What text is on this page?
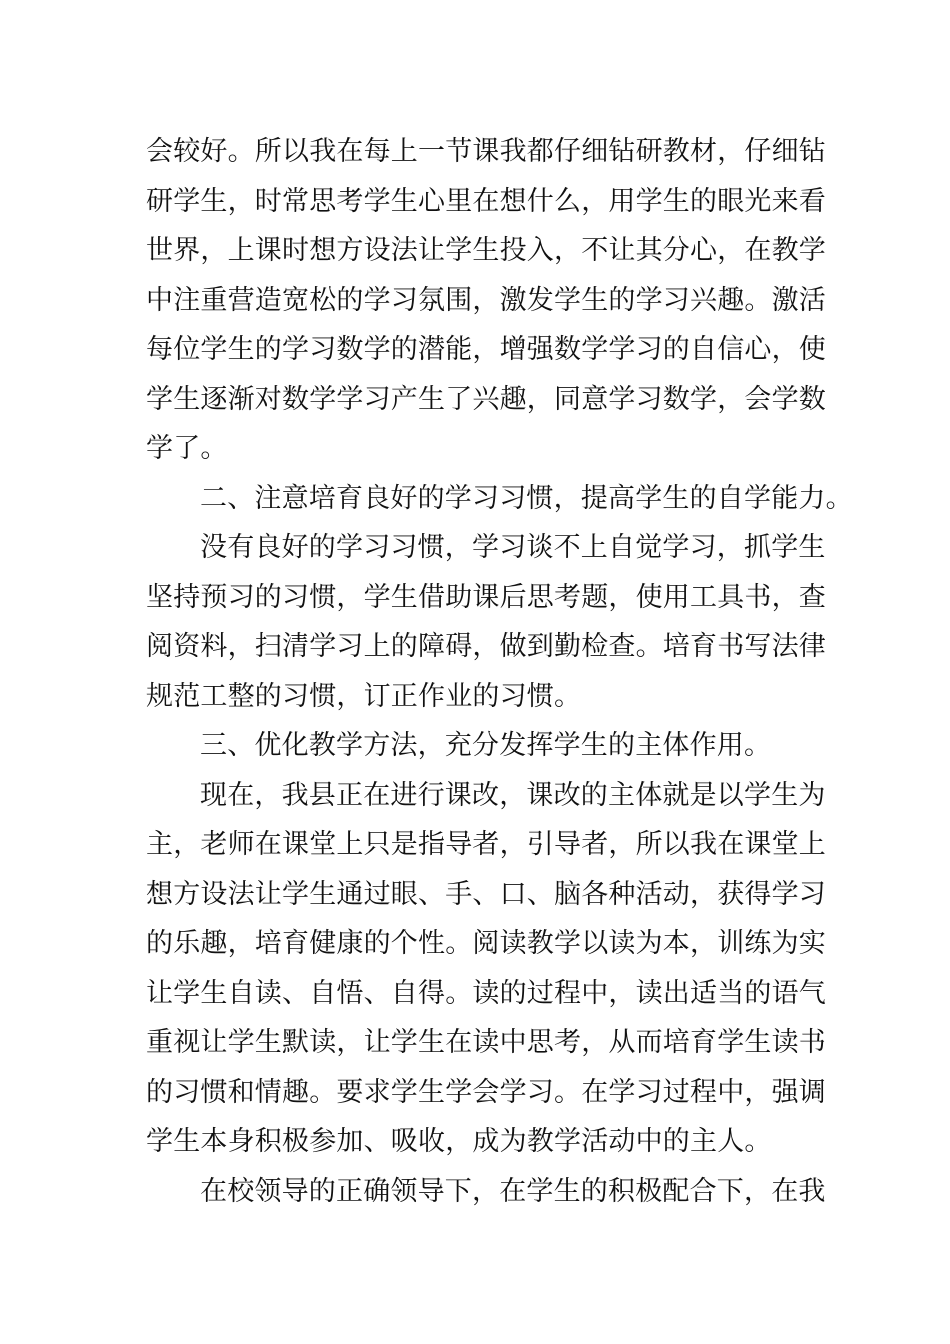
会较好。所以我在每上一节课我都仔细钻研教材，仔细钻
研学生，时常思考学生心里在想什么，用学生的眼光来看
世界，上课时想方设法让学生投入，不让其分心，在教学
中注重营造宽松的学习氛围，激发学生的学习兴趣。激活
每位学生的学习数学的潜能，增强数学学习的自信心，使
学生逐渐对数学学习产生了兴趣，同意学习数学，会学数
学了。
二、注意培育良好的学习习惯，提高学生的自学能力。
没有良好的学习习惯，学习谈不上自觉学习，抓学生
坚持预习的习惯，学生借助课后思考题，使用工具书，查
阅资料，扫清学习上的障碍，做到勤检查。培育书写法律
规范工整的习惯，订正作业的习惯。
三、优化教学方法，充分发挥学生的主体作用。
现在，我县正在进行课改，课改的主体就是以学生为
主，老师在课堂上只是指导者，引导者，所以我在课堂上
想方设法让学生通过眼、手、口、脑各种活动，获得学习
的乐趣，培育健康的个性。阅读教学以读为本，训练为实
让学生自读、自悟、自得。读的过程中，读出适当的语气
重视让学生默读，让学生在读中思考，从而培育学生读书
的习惯和情趣。要求学生学会学习。在学习过程中，强调
学生本身积极参加、吸收，成为教学活动中的主人。
在校领导的正确领导下，在学生的积极配合下，在我
